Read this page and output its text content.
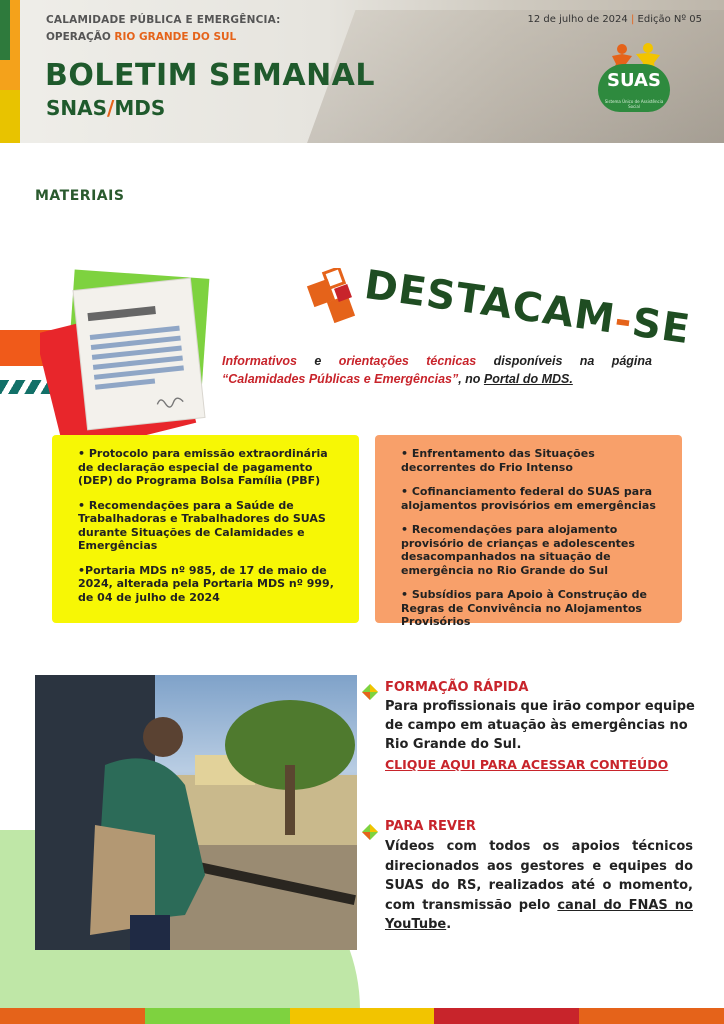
CALAMIDADE PÚBLICA E EMERGÊNCIA:
OPERAÇÃO RIO GRANDE DO SUL
BOLETIM SEMANAL
SNAS/MDS
12 de julho de 2024 | Edição Nº 05
SUAS
Sistema Único de Assistência Social
MATERIAIS
DESTACAM-SE
Informativos e orientações técnicas disponíveis na página “Calamidades Públicas e Emergências”, no Portal do MDS.

• Protocolo para emissão extraordinária de declaração especial de pagamento (DEP) do Programa Bolsa Família (PBF)

• Recomendações para a Saúde de Trabalhadoras e Trabalhadores do SUAS durante Situações de Calamidades e Emergências

•Portaria MDS nº 985, de 17 de maio de 2024, alterada pela Portaria MDS nº 999, de 04 de julho de 2024

• Enfrentamento das Situações decorrentes do Frio Intenso

• Cofinanciamento federal do SUAS para alojamentos provisórios em emergências

• Recomendações para alojamento provisório de crianças e adolescentes desacompanhados na situação de emergência no Rio Grande do Sul

• Subsídios para Apoio à Construção de Regras de Convivência no Alojamentos Provisórios

FORMAÇÃO RÁPIDA
Para profissionais que irão compor equipe de campo em atuação às emergências no Rio Grande do Sul.
CLIQUE AQUI PARA ACESSAR CONTEÚDO
PARA REVER
Vídeos com todos os apoios técnicos direcionados aos gestores e equipes do SUAS do RS, realizados até o momento, com transmissão pelo canal do FNAS no YouTube.
